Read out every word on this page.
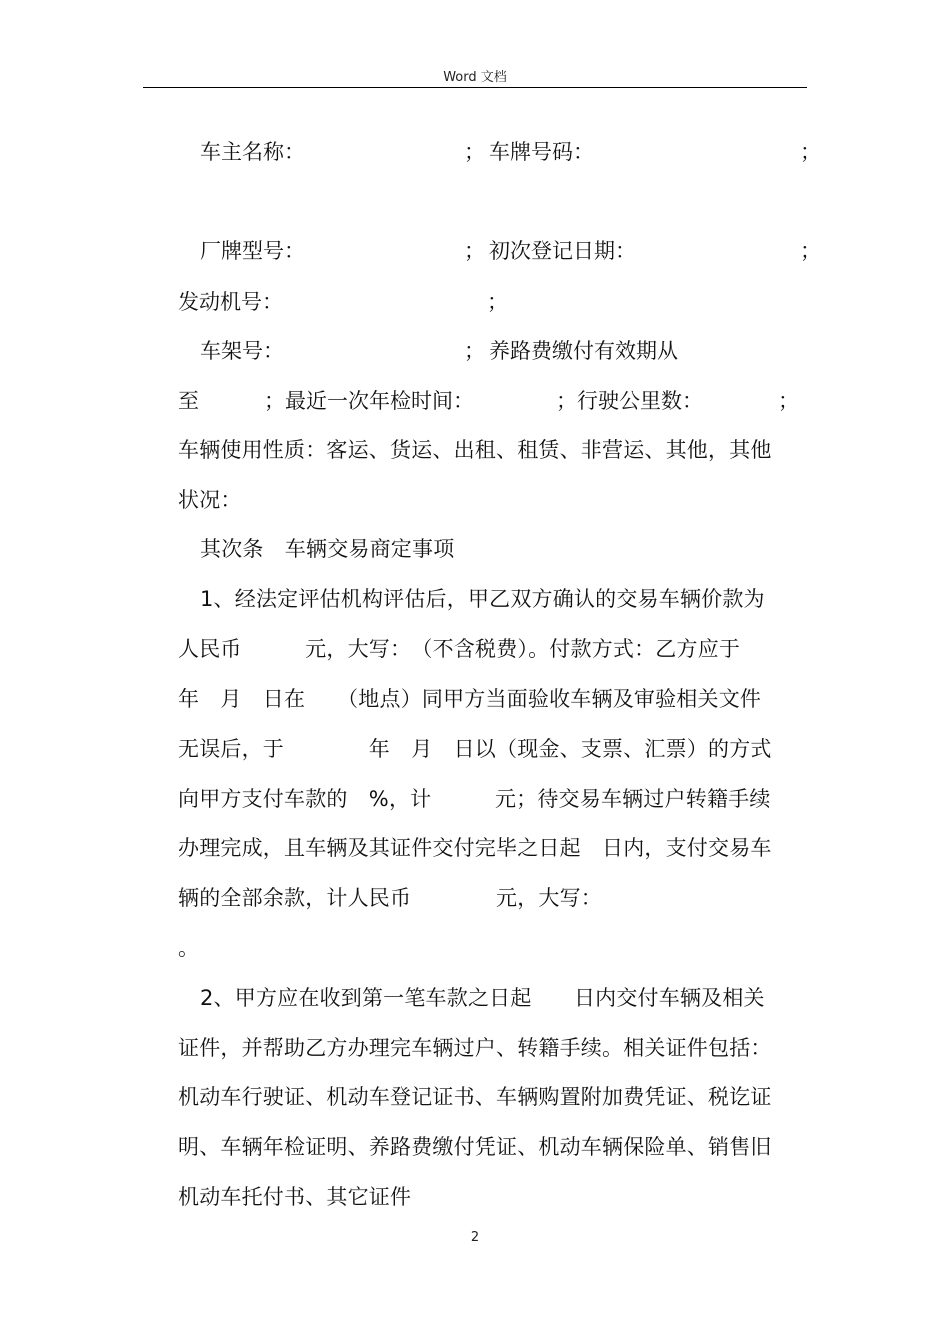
Word 文档
车主名称：	； 车牌号码：	；
厂牌型号：	； 初次登记日期：	；
发动机号：	；
车架号：	； 养路费缴付有效期从
至	；最近一次年检时间：	；行驶公里数：	；
车辆使用性质：客运、货运、出租、租赁、非营运、其他，其他
状况：
其次条　车辆交易商定事项
1、经法定评估机构评估后，甲乙双方确认的交易车辆价款为
人民币　　　元，大写：　（不含税费）。付款方式：乙方应于
年　月　日在　　（地点）同甲方当面验收车辆及审验相关文件
无误后，于　　　　年　月　日以（现金、支票、汇票）的方式
向甲方支付车款的　%，计　　　元；待交易车辆过户转籍手续
办理完成，且车辆及其证件交付完毕之日起　日内，支付交易车
辆的全部余款，计人民币　　　　元，大写：
。
2、甲方应在收到第一笔车款之日起　　日内交付车辆及相关
证件，并帮助乙方办理完车辆过户、转籍手续。相关证件包括：
机动车行驶证、机动车登记证书、车辆购置附加费凭证、税讫证
明、车辆年检证明、养路费缴付凭证、机动车辆保险单、销售旧
机动车托付书、其它证件
2
